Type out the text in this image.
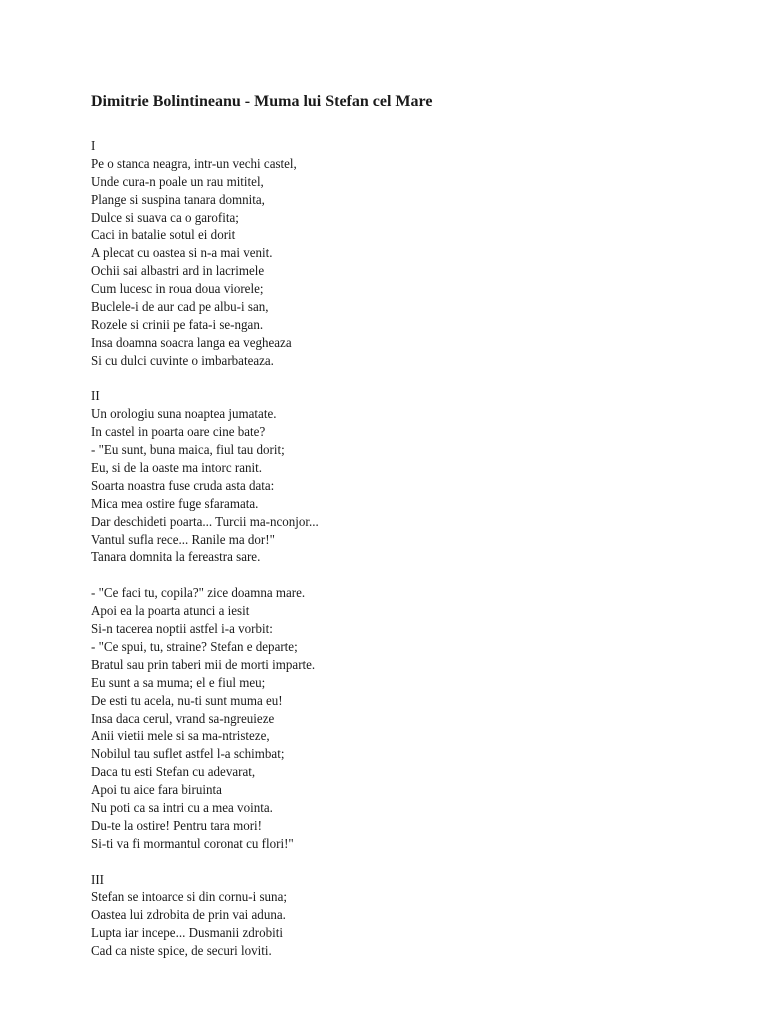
Dimitrie Bolintineanu - Muma lui Stefan cel Mare
I
Pe o stanca neagra, intr-un vechi castel,
Unde cura-n poale un rau mititel,
Plange si suspina tanara domnita,
Dulce si suava ca o garofita;
Caci in batalie sotul ei dorit
A plecat cu oastea si n-a mai venit.
Ochii sai albastri ard in lacrimele
Cum lucesc in roua doua viorele;
Buclele-i de aur cad pe albu-i san,
Rozele si crinii pe fata-i se-ngan.
Insa doamna soacra langa ea vegheaza
Si cu dulci cuvinte o imbarbateaza.
II
Un orologiu suna noaptea jumatate.
In castel in poarta oare cine bate?
- "Eu sunt, buna maica, fiul tau dorit;
Eu, si de la oaste ma intorc ranit.
Soarta noastra fuse cruda asta data:
Mica mea ostire fuge sfaramata.
Dar deschideti poarta... Turcii ma-nconjor...
Vantul sufla rece... Ranile ma dor!"
Tanara domnita la fereastra sare.
- "Ce faci tu, copila?" zice doamna mare.
Apoi ea la poarta atunci a iesit
Si-n tacerea noptii astfel i-a vorbit:
- "Ce spui, tu, straine? Stefan e departe;
Bratul sau prin taberi mii de morti imparte.
Eu sunt a sa muma; el e fiul meu;
De esti tu acela, nu-ti sunt muma eu!
Insa daca cerul, vrand sa-ngreuieze
Anii vietii mele si sa ma-ntristeze,
Nobilul tau suflet astfel l-a schimbat;
Daca tu esti Stefan cu adevarat,
Apoi tu aice fara biruinta
Nu poti ca sa intri cu a mea vointa.
Du-te la ostire! Pentru tara mori!
Si-ti va fi mormantul coronat cu flori!"
III
Stefan se intoarce si din cornu-i suna;
Oastea lui zdrobita de prin vai aduna.
Lupta iar incepe... Dusmanii zdrobiti
Cad ca niste spice, de securi loviti.
